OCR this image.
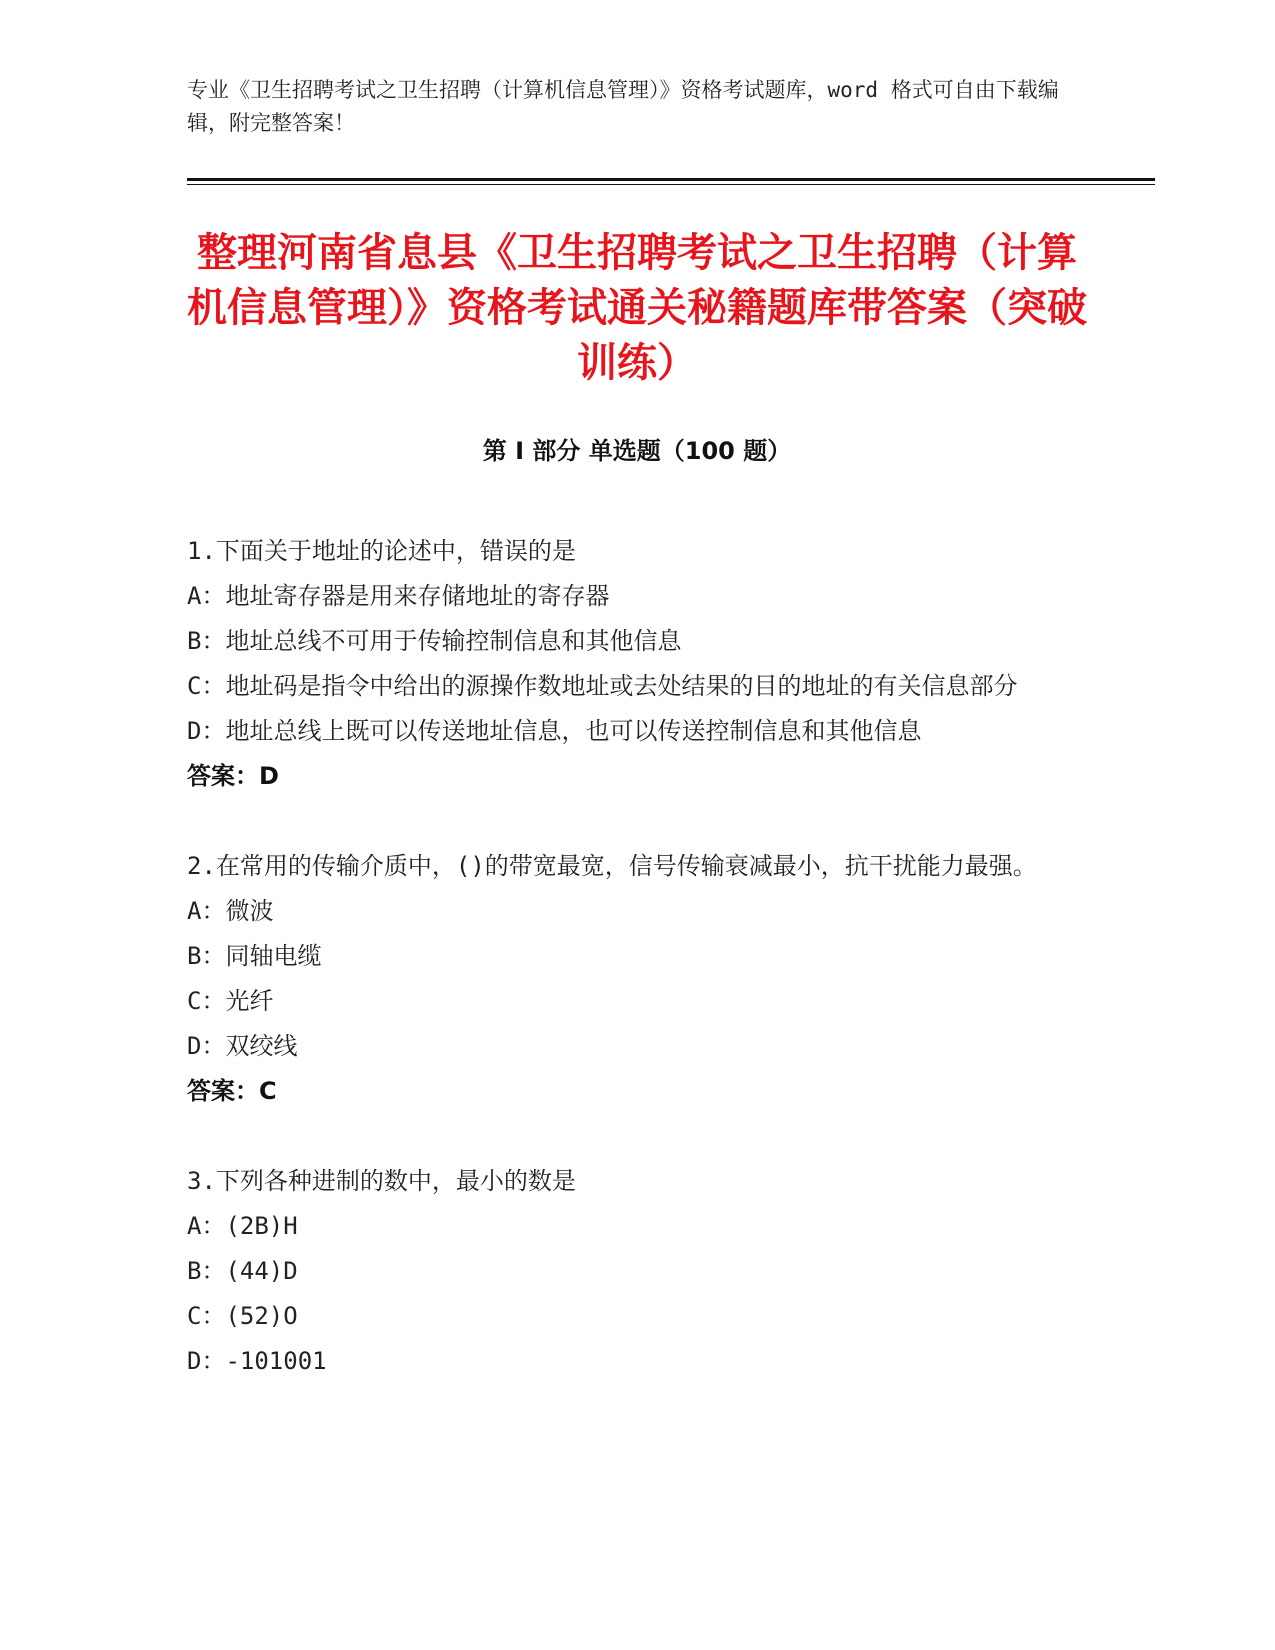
专业《卫生招聘考试之卫生招聘（计算机信息管理）》资格考试题库，word 格式可自由下载编辑，附完整答案！
整理河南省息县《卫生招聘考试之卫生招聘（计算机信息管理）》资格考试通关秘籍题库带答案（突破训练）
第 I 部分 单选题（100 题）
1.下面关于地址的论述中，错误的是
A：地址寄存器是用来存储地址的寄存器
B：地址总线不可用于传输控制信息和其他信息
C：地址码是指令中给出的源操作数地址或去处结果的目的地址的有关信息部分
D：地址总线上既可以传送地址信息，也可以传送控制信息和其他信息
答案：D
2.在常用的传输介质中，()的带宽最宽，信号传输衰减最小，抗干扰能力最强。
A：微波
B：同轴电缆
C：光纤
D：双绞线
答案：C
3.下列各种进制的数中，最小的数是
A：(2B)H
B：(44)D
C：(52)O
D：-101001
